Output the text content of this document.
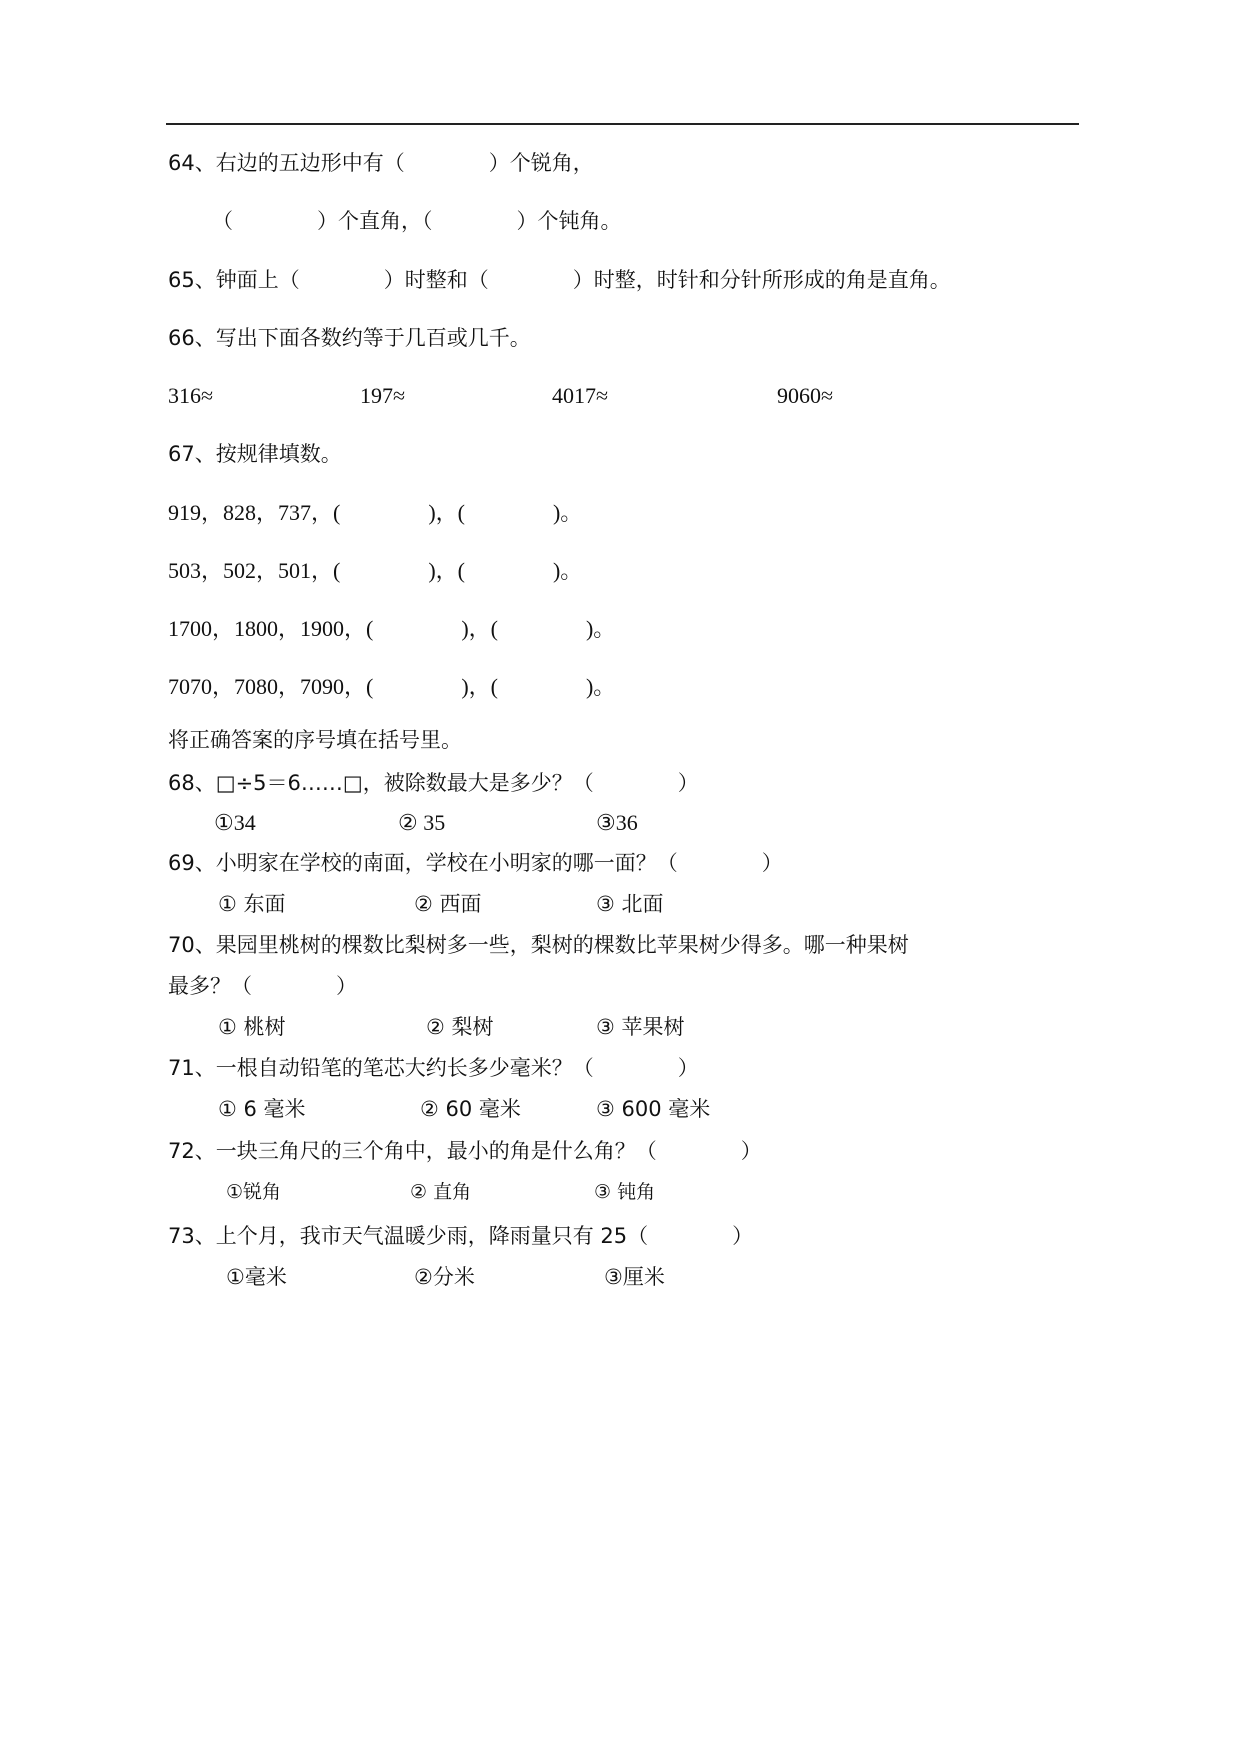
64、右边的五边形中有（　　　　）个锐角，
（　　　　）个直角，（　　　　）个钝角。
65、钟面上（　　　　）时整和（　　　　）时整，时针和分针所形成的角是直角。
66、写出下面各数约等于几百或几千。
316≈	197≈	4017≈	9060≈
67、按规律填数。
919，828，737，(　　　　)，(　　　　)。
503，502，501，(　　　　)，(　　　　)。
1700，1800，1900，(　　　　)，(　　　　)。
7070，7080，7090，(　　　　)，(　　　　)。
将正确答案的序号填在括号里。
68、□÷5＝6……□，被除数最大是多少？（　　　　）
①34	② 35	③36
69、小明家在学校的南面，学校在小明家的哪一面？（　　　　）
① 东面	② 西面	③ 北面
70、果园里桃树的棵数比梨树多一些，梨树的棵数比苹果树少得多。哪一种果树
最多？（　　　　）
① 桃树	② 梨树	③ 苹果树
71、一根自动铅笔的笔芯大约长多少毫米？（　　　　）
① 6 毫米	② 60 毫米	③ 600 毫米
72、一块三角尺的三个角中，最小的角是什么角？（　　　　）
①锐角	② 直角	③ 钝角
73、上个月，我市天气温暖少雨，降雨量只有 25（　　　　）
①毫米	②分米	③厘米
